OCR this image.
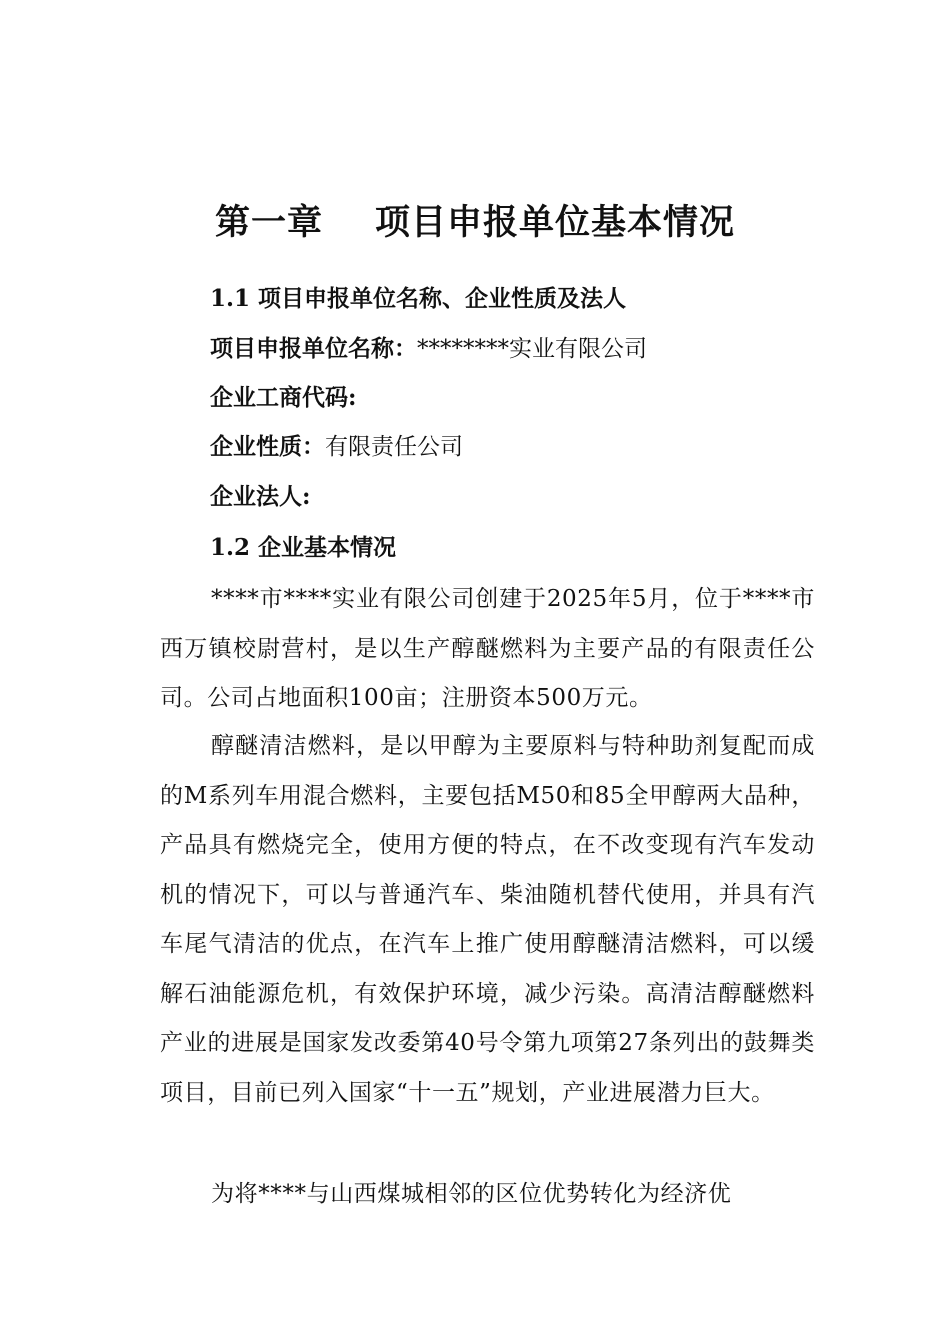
第一章 项目申报单位基本情况
1.1 项目申报单位名称、企业性质及法人
项目申报单位名称：********实业有限公司
企业工商代码:
企业性质：有限责任公司
企业法人:
1.2 企业基本情况

****市****实业有限公司创建于2025年5月，位于****市西万镇校尉营村，是以生产醇醚燃料为主要产品的有限责任公司。公司占地面积100亩；注册资本500万元。

醇醚清洁燃料，是以甲醇为主要原料与特种助剂复配而成的M系列车用混合燃料，主要包括M50和85全甲醇两大品种，产品具有燃烧完全，使用方便的特点，在不改变现有汽车发动机的情况下，可以与普通汽车、柴油随机替代使用，并具有汽车尾气清洁的优点，在汽车上推广使用醇醚清洁燃料，可以缓解石油能源危机，有效保护环境，减少污染。高清洁醇醚燃料产业的进展是国家发改委第40号令第九项第27条列出的鼓舞类项目，目前已列入国家“十一五”规划，产业进展潜力巨大。

为将****与山西煤城相邻的区位优势转化为经济优
